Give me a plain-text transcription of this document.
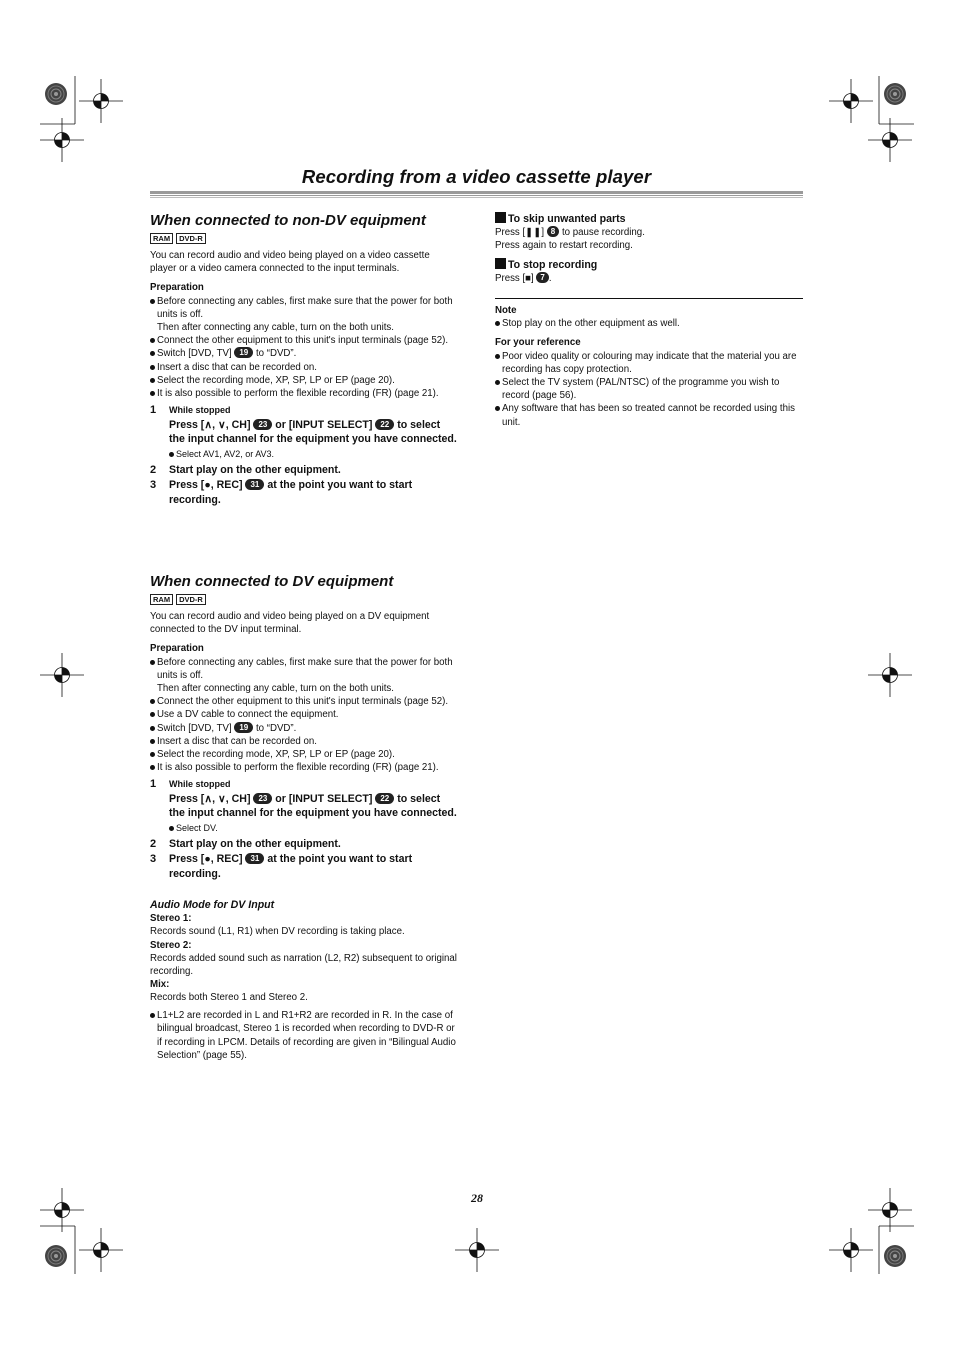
Recording from a video cassette player
When connected to non-DV equipment
RAM DVD-R

You can record audio and video being played on a video cassette player or a video camera connected to the input terminals.

Preparation
Before connecting any cables, first make sure that the power for both units is off.
Then after connecting any cable, turn on the both units.
Connect the other equipment to this unit's input terminals (page 52).
Switch [DVD, TV] 19 to “DVD”.
Insert a disc that can be recorded on.
Select the recording mode, XP, SP, LP or EP (page 20).
It is also possible to perform the flexible recording (FR) (page 21).
1 While stopped
Press [∧, ∨, CH] 23 or [INPUT SELECT] 22 to select the input channel for the equipment you have connected.
Select AV1, AV2, or AV3.
2 Start play on the other equipment.
3 Press [●, REC] 31 at the point you want to start recording.
When connected to DV equipment
RAM DVD-R

You can record audio and video being played on a DV equipment connected to the DV input terminal.

Preparation
Before connecting any cables, first make sure that the power for both units is off.
Then after connecting any cable, turn on the both units.
Connect the other equipment to this unit's input terminals (page 52).
Use a DV cable to connect the equipment.
Switch [DVD, TV] 19 to “DVD”.
Insert a disc that can be recorded on.
Select the recording mode, XP, SP, LP or EP (page 20).
It is also possible to perform the flexible recording (FR) (page 21).
1 While stopped
Press [∧, ∨, CH] 23 or [INPUT SELECT] 22 to select the input channel for the equipment you have connected.
Select DV.
2 Start play on the other equipment.
3 Press [●, REC] 31 at the point you want to start recording.
Audio Mode for DV Input
Stereo 1:

Records sound (L1, R1) when DV recording is taking place.

Stereo 2:

Records added sound such as narration (L2, R2) subsequent to original recording.

Mix:

Records both Stereo 1 and Stereo 2.

L1+L2 are recorded in L and R1+R2 are recorded in R. In the case of bilingual broadcast, Stereo 1 is recorded when recording to DVD-R or if recording in LPCM. Details of recording are given in “Bilingual Audio Selection” (page 55).
To skip unwanted parts

Press [❚❚] 8 to pause recording.

Press again to restart recording.

To stop recording

Press [■] 7 .

Note
Stop play on the other equipment as well.
For your reference
Poor video quality or colouring may indicate that the material you are recording has copy protection.
Select the TV system (PAL/NTSC) of the programme you wish to record (page 56).
Any software that has been so treated cannot be recorded using this unit.
28
